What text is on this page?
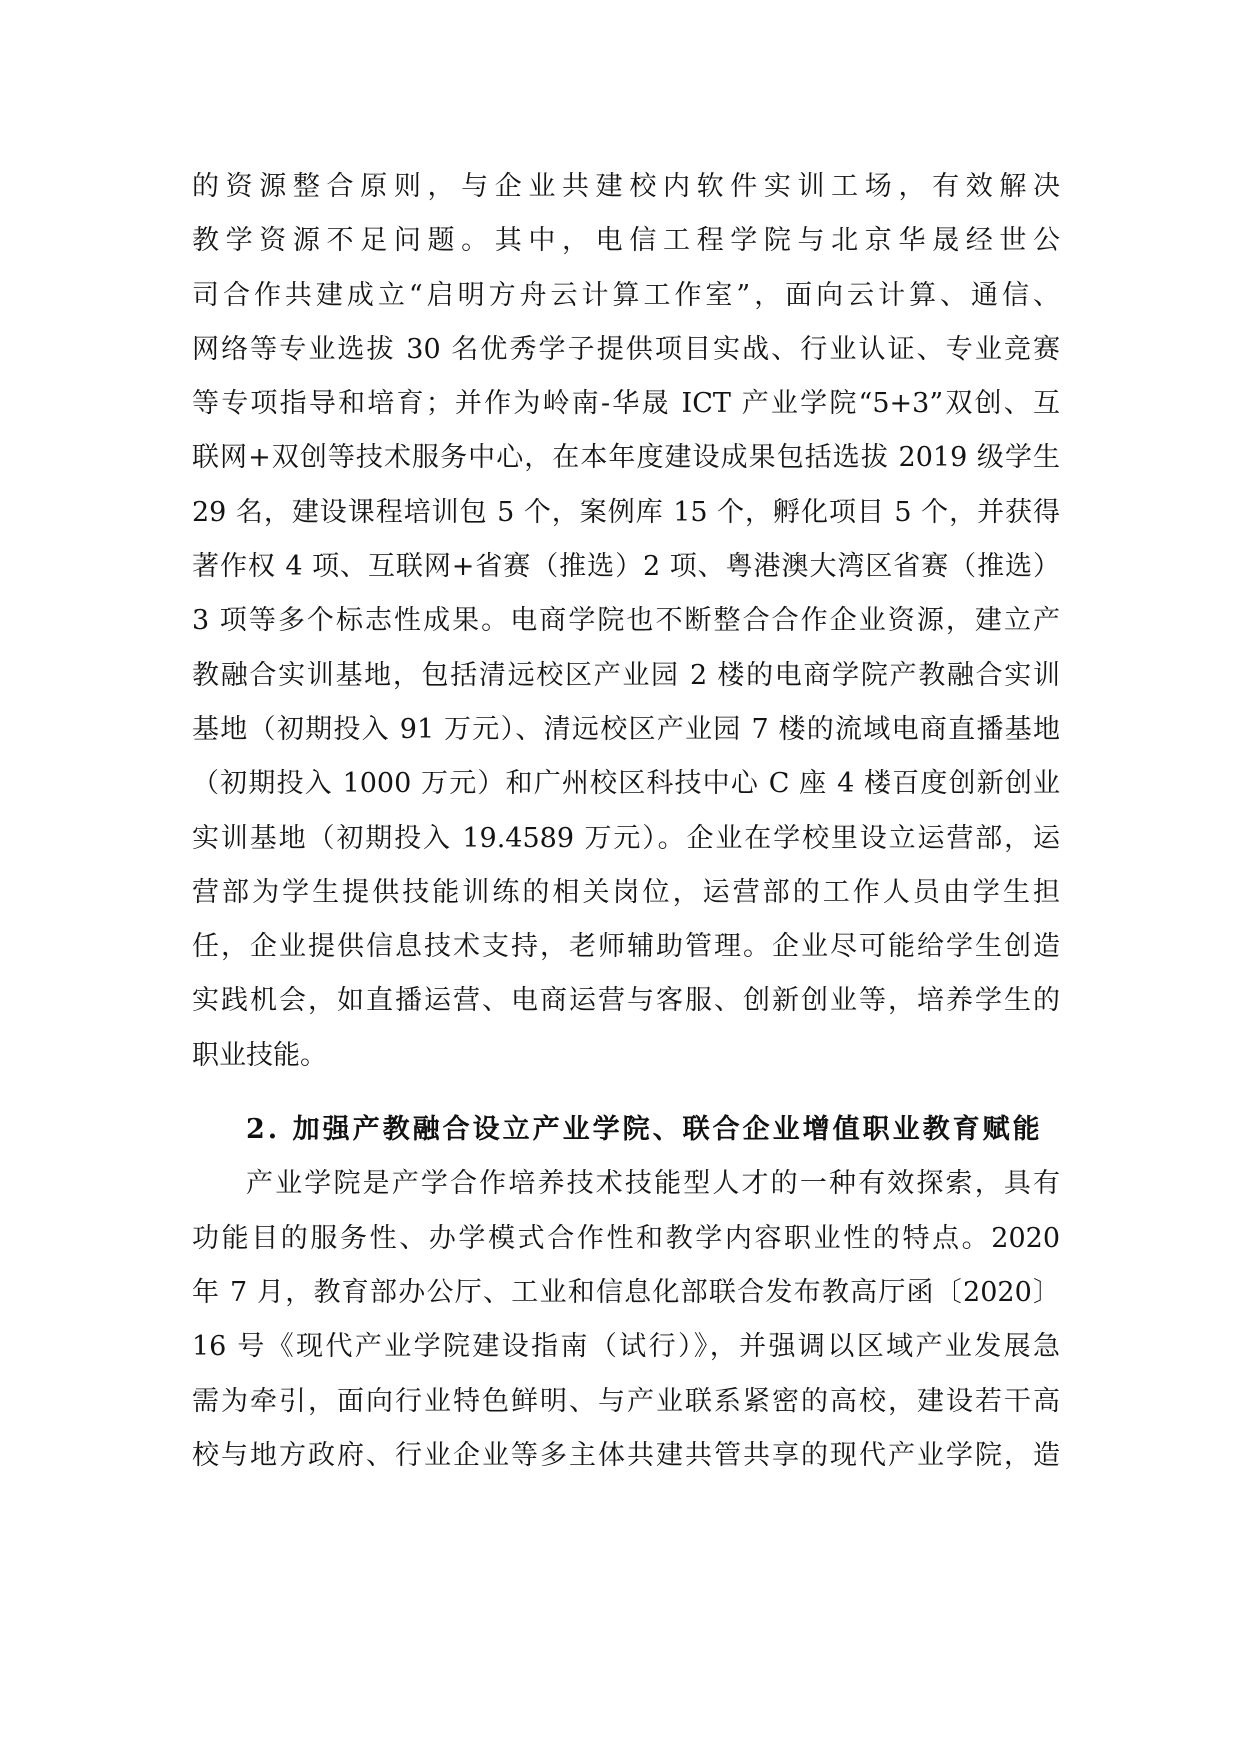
的资源整合原则，与企业共建校内软件实训工场，有效解决
教学资源不足问题。其中，电信工程学院与北京华晟经世公
司合作共建成立“启明方舟云计算工作室”，面向云计算、通信、
网络等专业选拔 30 名优秀学子提供项目实战、行业认证、专业竞赛
等专项指导和培育；并作为岭南-华晟 ICT 产业学院“5+3”双创、互
联网+双创等技术服务中心，在本年度建设成果包括选拔 2019 级学生
29 名，建设课程培训包 5 个，案例库 15 个，孵化项目 5 个，并获得
著作权 4 项、互联网+省赛（推选）2 项、粤港澳大湾区省赛（推选）
3 项等多个标志性成果。电商学院也不断整合合作企业资源，建立产
教融合实训基地，包括清远校区产业园 2 楼的电商学院产教融合实训
基地（初期投入 91 万元）、清远校区产业园 7 楼的流域电商直播基地
（初期投入 1000 万元）和广州校区科技中心 C 座 4 楼百度创新创业
实训基地（初期投入 19.4589 万元）。企业在学校里设立运营部，运
营部为学生提供技能训练的相关岗位，运营部的工作人员由学生担
任，企业提供信息技术支持，老师辅助管理。企业尽可能给学生创造
实践机会，如直播运营、电商运营与客服、创新创业等，培养学生的
职业技能。
2. 加强产教融合设立产业学院、联合企业增值职业教育赋能
产业学院是产学合作培养技术技能型人才的一种有效探索，具有
功能目的服务性、办学模式合作性和教学内容职业性的特点。2020
年 7 月，教育部办公厅、工业和信息化部联合发布教高厅函〔2020〕
16 号《现代产业学院建设指南（试行）》，并强调以区域产业发展急
需为牵引，面向行业特色鲜明、与产业联系紧密的高校，建设若干高
校与地方政府、行业企业等多主体共建共管共享的现代产业学院，造
